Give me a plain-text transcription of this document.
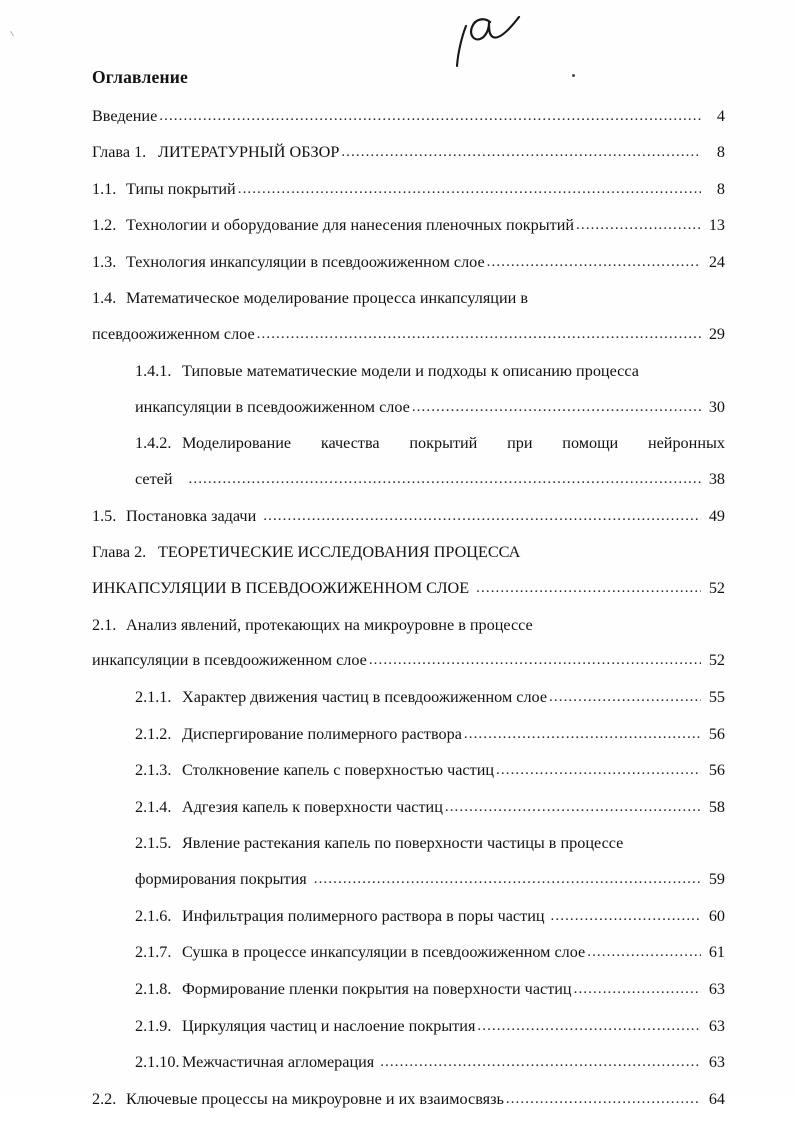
Оглавление
Введение .....	4
Глава 1. ЛИТЕРАТУРНЫЙ ОБЗОР .....	8
1.1. Типы покрытий .....	8
1.2. Технологии и оборудование для нанесения пленочных покрытий .....	13
1.3. Технология инкапсуляции в псевдоожиженном слое .....	24
1.4. Математическое моделирование процесса инкапсуляции в
псевдоожиженном слое .....	29
1.4.1. Типовые математические модели и подходы к описанию процесса
инкапсуляции в псевдоожиженном слое .....	30
1.4.2. Моделирование качества покрытий при помощи нейронных
сетей .....	38
1.5. Постановка задачи .....	49
Глава 2. ТЕОРЕТИЧЕСКИЕ ИССЛЕДОВАНИЯ ПРОЦЕССА
ИНКАПСУЛЯЦИИ В ПСЕВДООЖИЖЕННОМ СЛОЕ .....	52
2.1. Анализ явлений, протекающих на микроуровне в процессе
инкапсуляции в псевдоожиженном слое .....	52
2.1.1. Характер движения частиц в псевдоожиженном слое .....	55
2.1.2. Диспергирование полимерного раствора .....	56
2.1.3. Столкновение капель с поверхностью частиц .....	56
2.1.4. Адгезия капель к поверхности частиц .....	58
2.1.5. Явление растекания капель по поверхности частицы в процессе
формирования покрытия .....	59
2.1.6. Инфильтрация полимерного раствора в поры частиц .....	60
2.1.7. Сушка в процессе инкапсуляции в псевдоожиженном слое .....	61
2.1.8. Формирование пленки покрытия на поверхности частиц .....	63
2.1.9. Циркуляция частиц и наслоение покрытия .....	63
2.1.10. Межчастичная агломерация .....	63
2.2. Ключевые процессы на микроуровне и их взаимосвязь .....	64
